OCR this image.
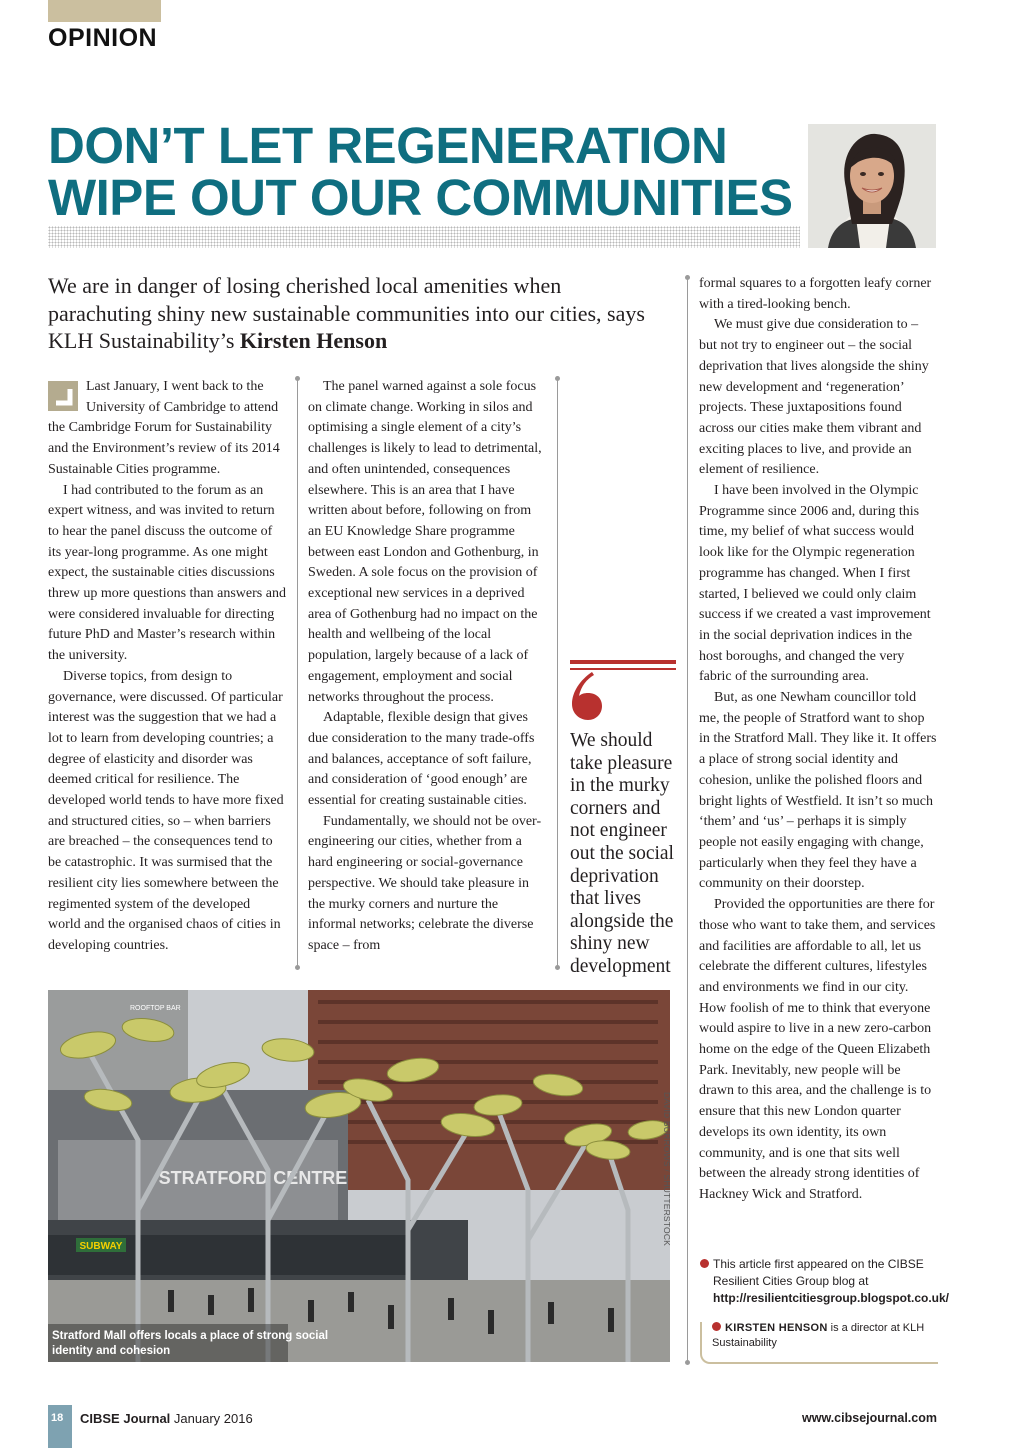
OPINION
DON’T LET REGENERATION
WIPE OUT OUR COMMUNITIES
We are in danger of losing cherished local amenities when parachuting shiny new sustainable communities into our cities, says KLH Sustainability’s Kirsten Henson

Last January, I went back to the University of Cambridge to attend the Cambridge Forum for Sustainability and the Environment’s review of its 2014 Sustainable Cities programme.

I had contributed to the forum as an expert witness, and was invited to return to hear the panel discuss the outcome of its year-long programme. As one might expect, the sustainable cities discussions threw up more questions than answers and were considered invaluable for directing future PhD and Master’s research within the university.

Diverse topics, from design to governance, were discussed. Of particular interest was the suggestion that we had a lot to learn from developing countries; a degree of elasticity and disorder was deemed critical for resilience. The developed world tends to have more fixed and structured cities, so – when barriers are breached – the consequences tend to be catastrophic. It was surmised that the resilient city lies somewhere between the regimented system of the developed world and the organised chaos of cities in developing countries.

The panel warned against a sole focus on climate change. Working in silos and optimising a single element of a city’s challenges is likely to lead to detrimental, and often unintended, consequences elsewhere. This is an area that I have written about before, following on from an EU Knowledge Share programme between east London and Gothenburg, in Sweden. A sole focus on the provision of exceptional new services in a deprived area of Gothenburg had no impact on the health and wellbeing of the local population, largely because of a lack of engagement, employment and social networks throughout the process.

Adaptable, flexible design that gives due consideration to the many trade-offs and balances, acceptance of soft failure, and consideration of ‘good enough’ are essential for creating sustainable cities.

Fundamentally, we should not be over-engineering our cities, whether from a hard engineering or social-governance perspective. We should take pleasure in the murky corners and nurture the informal networks; celebrate the diverse space – from

We should take pleasure in the murky corners and not engineer out the social deprivation that lives alongside the shiny new development

formal squares to a forgotten leafy corner with a tired-looking bench.

We must give due consideration to – but not try to engineer out – the social deprivation that lives alongside the shiny new development and ‘regeneration’ projects. These juxtapositions found across our cities make them vibrant and exciting places to live, and provide an element of resilience.

I have been involved in the Olympic Programme since 2006 and, during this time, my belief of what success would look like for the Olympic regeneration programme has changed. When I first started, I believed we could only claim success if we created a vast improvement in the social deprivation indices in the host boroughs, and changed the very fabric of the surrounding area.

But, as one Newham councillor told me, the people of Stratford want to shop in the Stratford Mall. They like it. It offers a place of strong social identity and cohesion, unlike the polished floors and bright lights of Westfield. It isn’t so much ‘them’ and ‘us’ – perhaps it is simply people not easily engaging with change, particularly when they feel they have a community on their doorstep.

Provided the opportunities are there for those who want to take them, and services and facilities are affordable to all, let us celebrate the different cultures, lifestyles and environments we find in our city. How foolish of me to think that everyone would aspire to live in a new zero-carbon home on the edge of the Queen Elizabeth Park. Inevitably, new people will be drawn to this area, and the challenge is to ensure that this new London quarter develops its own identity, its own community, and is one that sits well between the already strong identities of Hackney Wick and Stratford.

SUBWAY
STRATFORD CENTRE
ROOFTOP BAR
Stratford Mall offers locals a place of strong social identity and cohesion
DAVID BURROWS / SHUTTERSTOCK
This article first appeared on the CIBSE Resilient Cities Group blog at http://resilientcitiesgroup.blogspot.co.uk/
KIRSTEN HENSON is a director at KLH Sustainability
18 CIBSE Journal January 2016	www.cibsejournal.com
